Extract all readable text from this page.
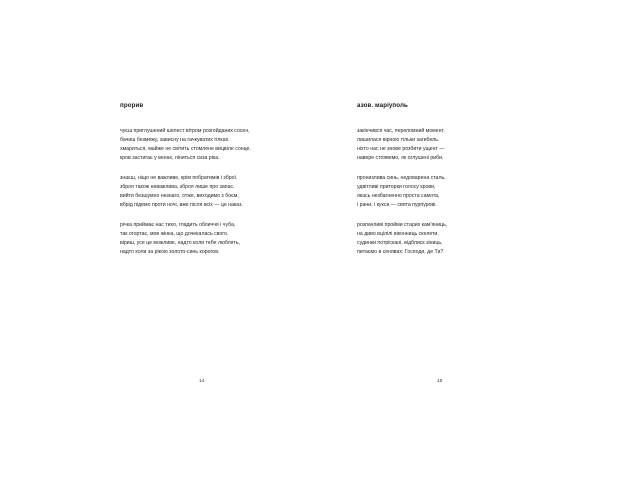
прорив
чуєш приглушений шелест вітром розгойданих сосен,
бачиш безмежу, зависну на гачкуватих гілках.
хмариться, майже не світить стомлене вицвіле сонце.
кров застигає у венах, піниться сиза ріка.
знаєш, ніщо не важливе, крім побратимів і зброї.
зброя також неважлива, зброя лише про запас.
вийти безшумно незнаго, отже, виходимо з боєм,
вбрід підемо проти ночі, вже після всіх — це наказ.
річка приймає нас тихо, гладить обличчя і чуба,
так огортає, мов жінка, що дочекалась свого.
віриш, усе це можливе, надто коли тебе люблять,
надто коли за рікою золото-синь корогов.
14
азов. маріуполь
закінчився час, переломний момент.
лишилася вірною тільки загибель.
ніхто нас не знове розбити ущент —
навере стоявемо, як оглушені риби.
пронизлива синь, недоварена сталь,
удвітливі приторки голосу крови,
якась незбагненно проста самота,
і рани, і кукси — свята пурпурові.
розпачливі пройми старих кам'яниць,
на диво вцілілі віконниць скелети.
судинки потріскані, відблиск зіниць,
питаємо в сенявах: Господи, де Ти?
15
